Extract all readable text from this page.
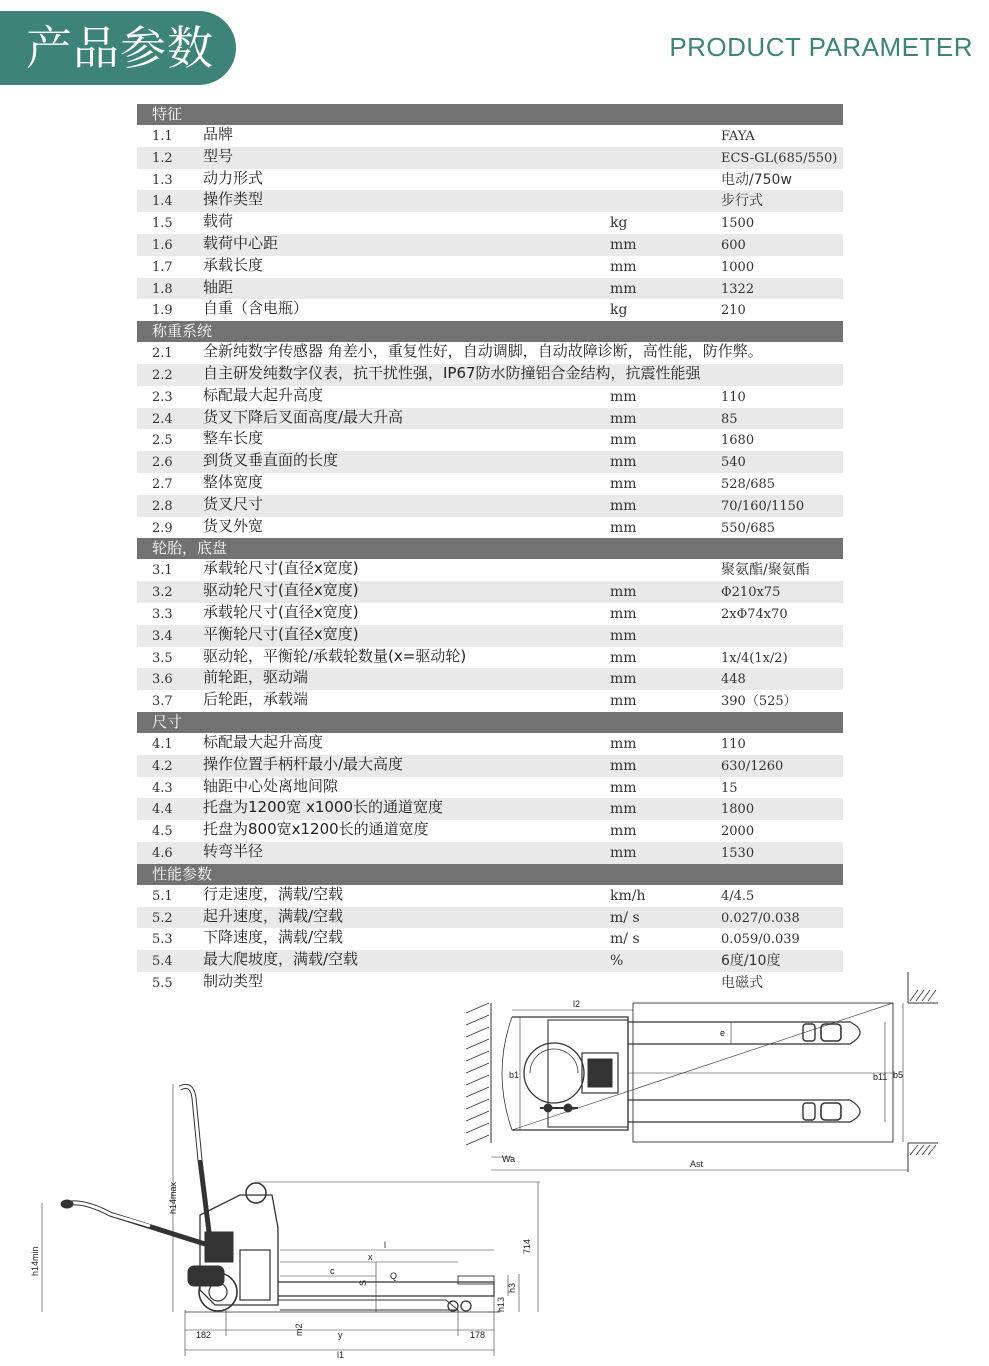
产品参数	PRODUCT PARAMETER
特征
1.1 品牌	FAYA
1.2 型号	ECS-GL(685/550)
1.3 动力形式	电动/750w
1.4 操作类型	步行式
1.5 载荷	kg	1500
1.6 载荷中心距	mm	600
1.7 承载长度	mm	1000
1.8 轴距	mm	1322
1.9 自重（含电瓶）	kg	210
称重系统
2.1 全新纯数字传感器 角差小，重复性好，自动调脚，自动故障诊断，高性能，防作弊。
2.2 自主研发纯数字仪表，抗干扰性强，IP67防水防撞铝合金结构，抗震性能强
2.3 标配最大起升高度	mm	110
2.4 货叉下降后叉面高度/最大升高	mm	85
2.5 整车长度	mm	1680
2.6 到货叉垂直面的长度	mm	540
2.7 整体宽度	mm	528/685
2.8 货叉尺寸	mm	70/160/1150
2.9 货叉外宽	mm	550/685
轮胎，底盘
3.1 承载轮尺寸(直径x宽度)	聚氨酯/聚氨酯
3.2 驱动轮尺寸(直径x宽度)	mm	Φ210x75
3.3 承载轮尺寸(直径x宽度)	mm	2xΦ74x70
3.4 平衡轮尺寸(直径x宽度)	mm
3.5 驱动轮，平衡轮/承载轮数量(x=驱动轮)	mm	1x/4(1x/2)
3.6 前轮距，驱动端	mm	448
3.7 后轮距，承载端	mm	390（525）
尺寸
4.1 标配最大起升高度	mm	110
4.2 操作位置手柄杆最小/最大高度	mm	630/1260
4.3 轴距中心处离地间隙	mm	15
4.4 托盘为1200宽 x1000长的通道宽度	mm	1800
4.5 托盘为800宽x1200长的通道宽度	mm	2000
4.6 转弯半径	mm	1530
性能参数
5.1 行走速度，满载/空载	km/h	4/4.5
5.2 起升速度，满载/空载	m/ s	0.027/0.038
5.3 下降速度，满载/空载	m/ s	0.059/0.039
5.4 最大爬坡度，满载/空载	%	6度/10度
5.5 制动类型	电磁式
l2
e
b1	b11 b5
Wa	Ast
h14max
h14min
l
x
c
S
Q
h3
h13
m2	y
l1
714
182	178
